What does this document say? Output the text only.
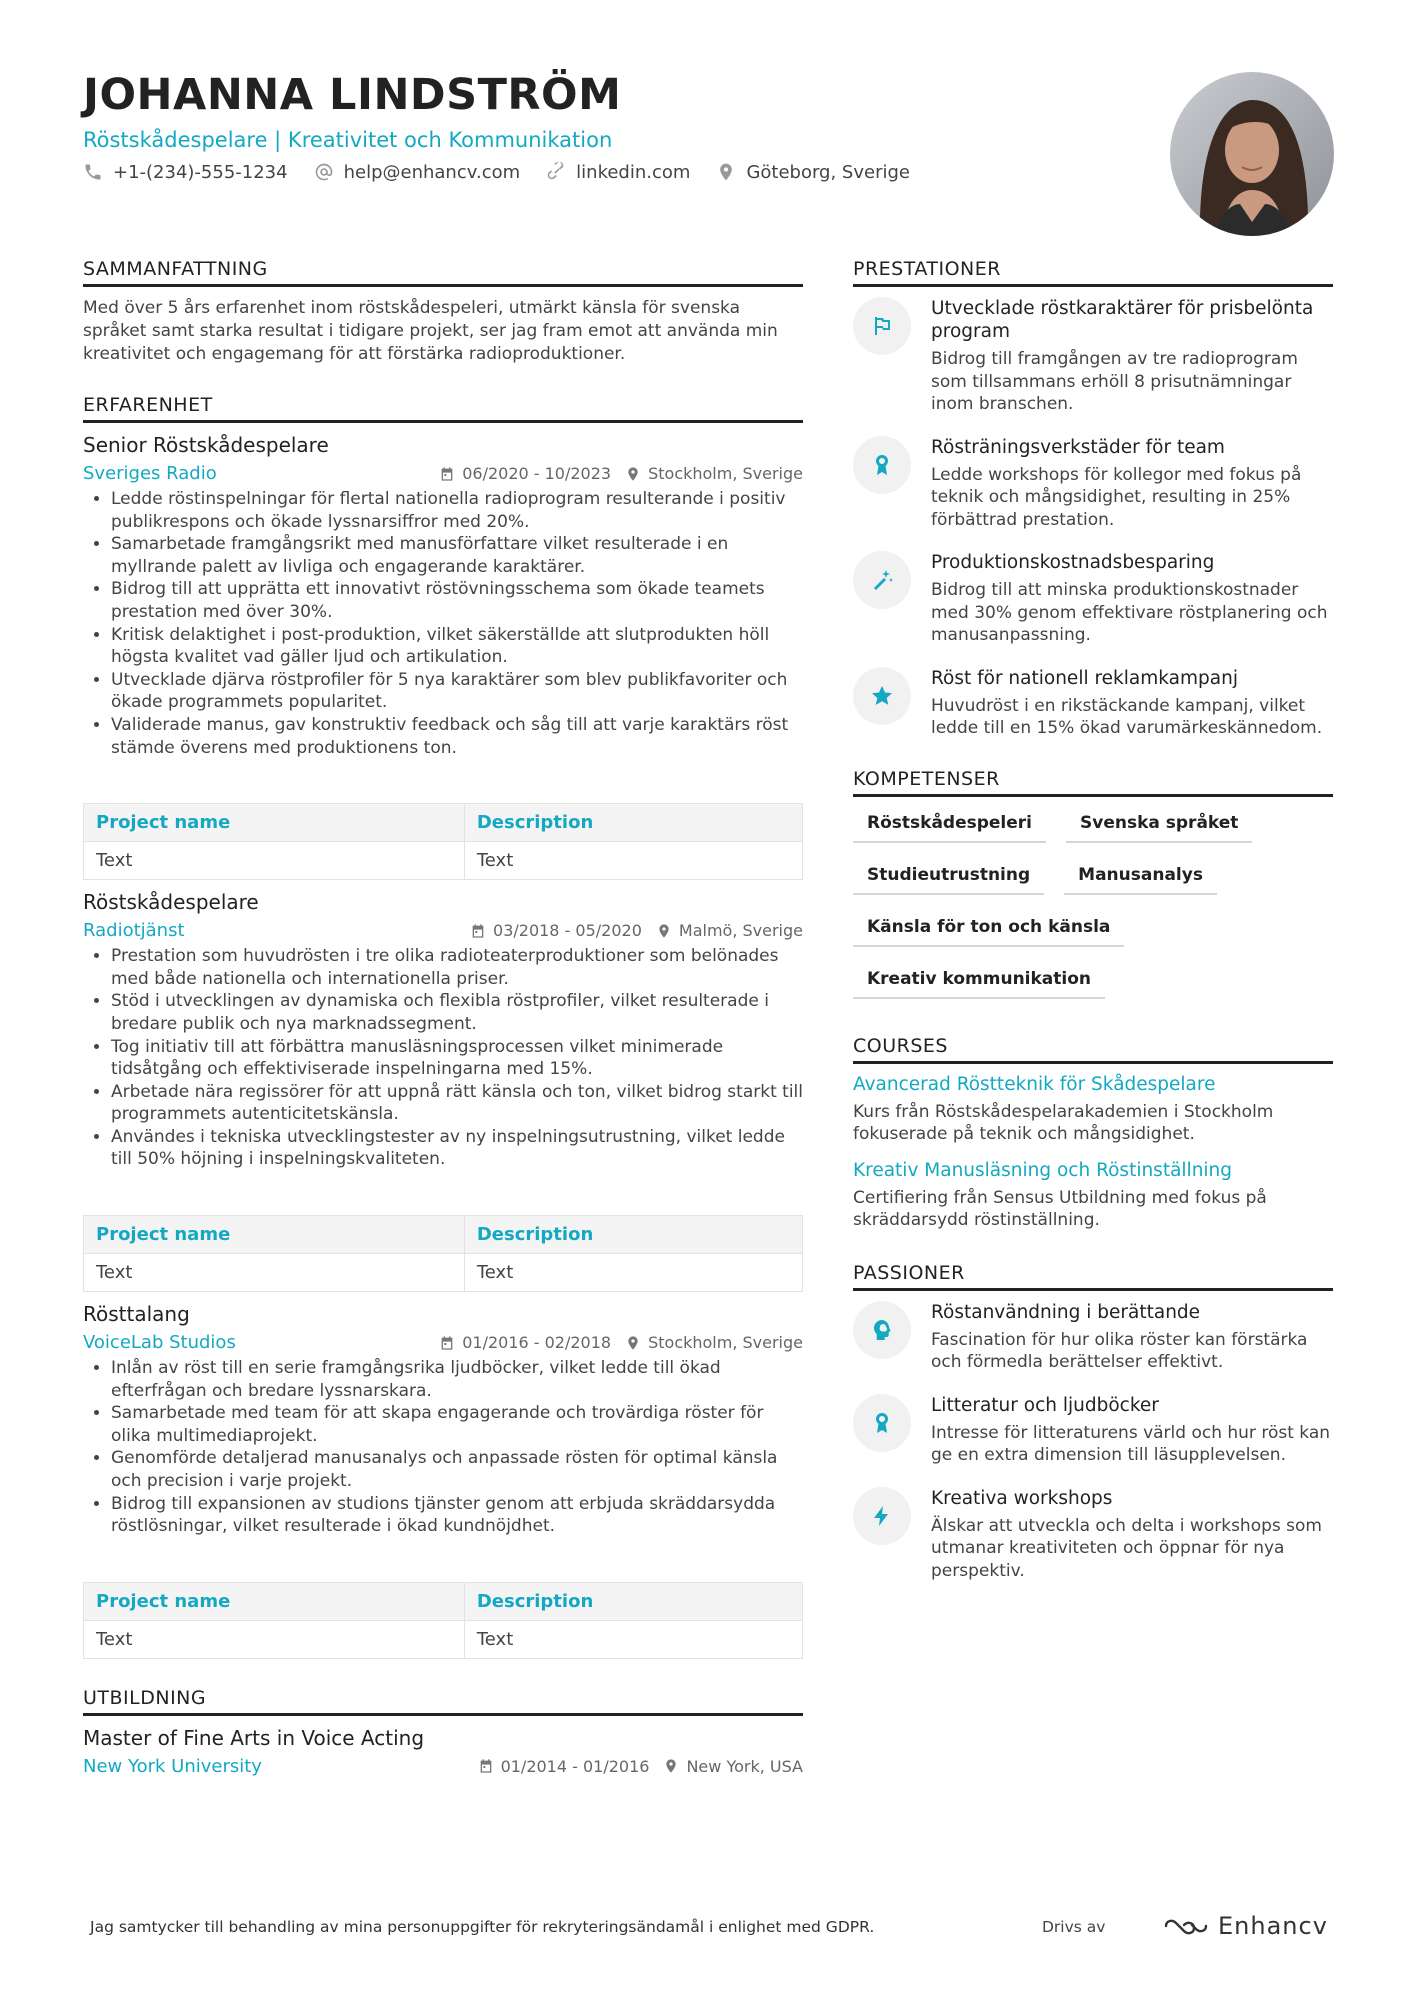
JOHANNA LINDSTRÖM
Röstskådespelare | Kreativitet och Kommunikation
+1-(234)-555-1234	help@enhancv.com	linkedin.com	Göteborg, Sverige
SAMMANFATTNING

Med över 5 års erfarenhet inom röstskådespeleri, utmärkt känsla för svenska språket samt starka resultat i tidigare projekt, ser jag fram emot att använda min kreativitet och engagemang för att förstärka radioproduktioner.

ERFARENHET
Senior Röstskådespelare
Sveriges Radio	06/2020 - 10/2023 Stockholm, Sverige
• Ledde röstinspelningar för flertal nationella radioprogram resulterande i positiv publikrespons och ökade lyssnarsiffror med 20%.
• Samarbetade framgångsrikt med manusförfattare vilket resulterade i en myllrande palett av livliga och engagerande karaktärer.
• Bidrog till att upprätta ett innovativt röstövningsschema som ökade teamets prestation med över 30%.
• Kritisk delaktighet i post-produktion, vilket säkerställde att slutprodukten höll högsta kvalitet vad gäller ljud och artikulation.
• Utvecklade djärva röstprofiler för 5 nya karaktärer som blev publikfavoriter och ökade programmets popularitet.
• Validerade manus, gav konstruktiv feedback och såg till att varje karaktärs röst stämde överens med produktionens ton.
Project name	Description
Text	Text
Röstskådespelare
Radiotjänst	03/2018 - 05/2020 Malmö, Sverige
• Prestation som huvudrösten i tre olika radioteaterproduktioner som belönades med både nationella och internationella priser.
• Stöd i utvecklingen av dynamiska och flexibla röstprofiler, vilket resulterade i bredare publik och nya marknadssegment.
• Tog initiativ till att förbättra manusläsningsprocessen vilket minimerade tidsåtgång och effektiviserade inspelningarna med 15%.
• Arbetade nära regissörer för att uppnå rätt känsla och ton, vilket bidrog starkt till programmets autenticitetskänsla.
• Användes i tekniska utvecklingstester av ny inspelningsutrustning, vilket ledde till 50% höjning i inspelningskvaliteten.
Project name	Description
Text	Text
Rösttalang
VoiceLab Studios	01/2016 - 02/2018 Stockholm, Sverige
• Inlån av röst till en serie framgångsrika ljudböcker, vilket ledde till ökad efterfrågan och bredare lyssnarskara.
• Samarbetade med team för att skapa engagerande och trovärdiga röster för olika multimediaprojekt.
• Genomförde detaljerad manusanalys och anpassade rösten för optimal känsla och precision i varje projekt.
• Bidrog till expansionen av studions tjänster genom att erbjuda skräddarsydda röstlösningar, vilket resulterade i ökad kundnöjdhet.
Project name	Description
Text	Text
UTBILDNING
Master of Fine Arts in Voice Acting
New York University	01/2014 - 01/2016 New York, USA
PRESTATIONER
Utvecklade röstkaraktärer för prisbelönta program
Bidrog till framgången av tre radioprogram som tillsammans erhöll 8 prisutnämningar inom branschen.
Rösträningsverkstäder för team
Ledde workshops för kollegor med fokus på teknik och mångsidighet, resulting in 25% förbättrad prestation.
Produktionskostnadsbesparing
Bidrog till att minska produktionskostnader med 30% genom effektivare röstplanering och manusanpassning.
Röst för nationell reklamkampanj
Huvudröst i en rikstäckande kampanj, vilket ledde till en 15% ökad varumärkeskännedom.
KOMPETENSER
Röstskådespeleri	Svenska språket
Studieutrustning	Manusanalys
Känsla för ton och känsla
Kreativ kommunikation
COURSES
Avancerad Röstteknik för Skådespelare
Kurs från Röstskådespelarakademien i Stockholm fokuserade på teknik och mångsidighet.
Kreativ Manusläsning och Röstinställning
Certifiering från Sensus Utbildning med fokus på skräddarsydd röstinställning.
PASSIONER
Röstanvändning i berättande
Fascination för hur olika röster kan förstärka och förmedla berättelser effektivt.
Litteratur och ljudböcker
Intresse för litteraturens värld och hur röst kan ge en extra dimension till läsupplevelsen.
Kreativa workshops
Älskar att utveckla och delta i workshops som utmanar kreativiteten och öppnar för nya perspektiv.
Jag samtycker till behandling av mina personuppgifter för rekryteringsändamål i enlighet med GDPR.	Drivs av	Enhancv
